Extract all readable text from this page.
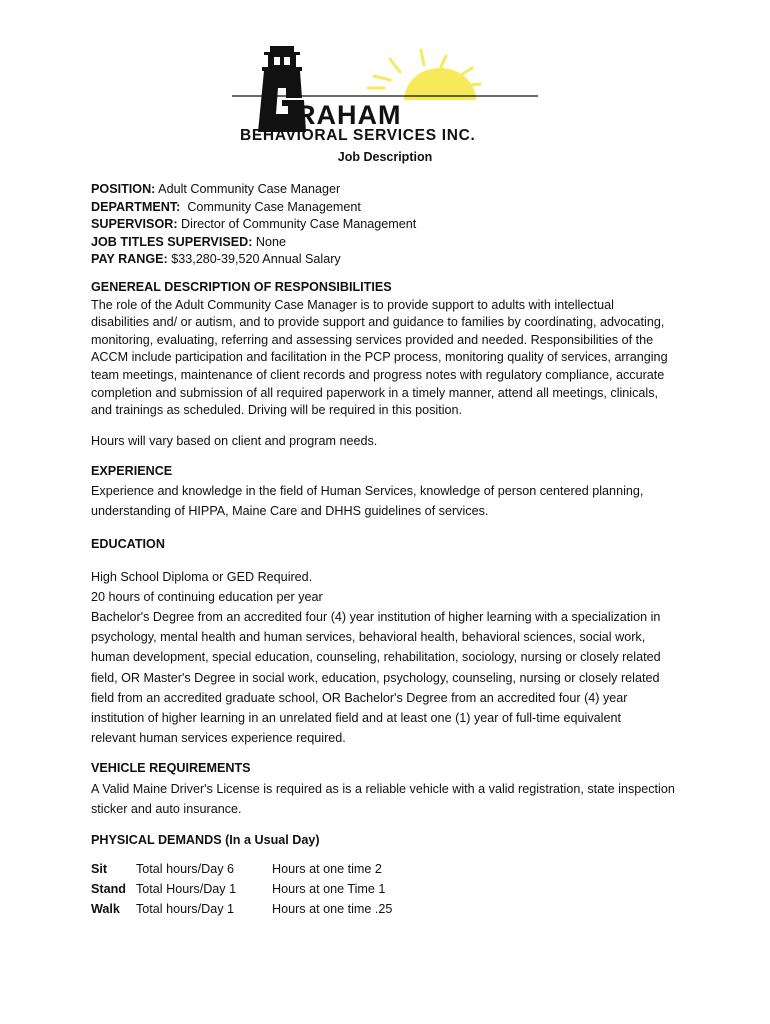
RAHAM
BEHAVIORAL SERVICES INC.
Job Description

POSITION: Adult Community Case Manager

DEPARTMENT:  Community Case Management

SUPERVISOR: Director of Community Case Management

JOB TITLES SUPERVISED: None

PAY RANGE: $33,280-39,520 Annual Salary

GENEREAL DESCRIPTION OF RESPONSIBILITIES

The role of the Adult Community Case Manager is to provide support to adults with intellectual

disabilities and/ or autism, and to provide support and guidance to families by coordinating, advocating,

monitoring, evaluating, referring and assessing services provided and needed. Responsibilities of the

ACCM include participation and facilitation in the PCP process, monitoring quality of services, arranging

team meetings, maintenance of client records and progress notes with regulatory compliance, accurate

completion and submission of all required paperwork in a timely manner, attend all meetings, clinicals,

and trainings as scheduled. Driving will be required in this position.

Hours will vary based on client and program needs.

EXPERIENCE

Experience and knowledge in the field of Human Services, knowledge of person centered planning,

understanding of HIPPA, Maine Care and DHHS guidelines of services.

EDUCATION

High School Diploma or GED Required.

20 hours of continuing education per year

Bachelor's Degree from an accredited four (4) year institution of higher learning with a specialization in

psychology, mental health and human services, behavioral health, behavioral sciences, social work,

human development, special education, counseling, rehabilitation, sociology, nursing or closely related

field, OR Master's Degree in social work, education, psychology, counseling, nursing or closely related

field from an accredited graduate school, OR Bachelor's Degree from an accredited four (4) year

institution of higher learning in an unrelated field and at least one (1) year of full-time equivalent

relevant human services experience required.

VEHICLE REQUIREMENTS

A Valid Maine Driver's License is required as is a reliable vehicle with a valid registration, state inspection

sticker and auto insurance.

PHYSICAL DEMANDS (In a Usual Day)

Sit	Total hours/Day 6	Hours at one time 2
Stand	Total Hours/Day 1	Hours at one Time 1
Walk	Total hours/Day 1	Hours at one time .25
